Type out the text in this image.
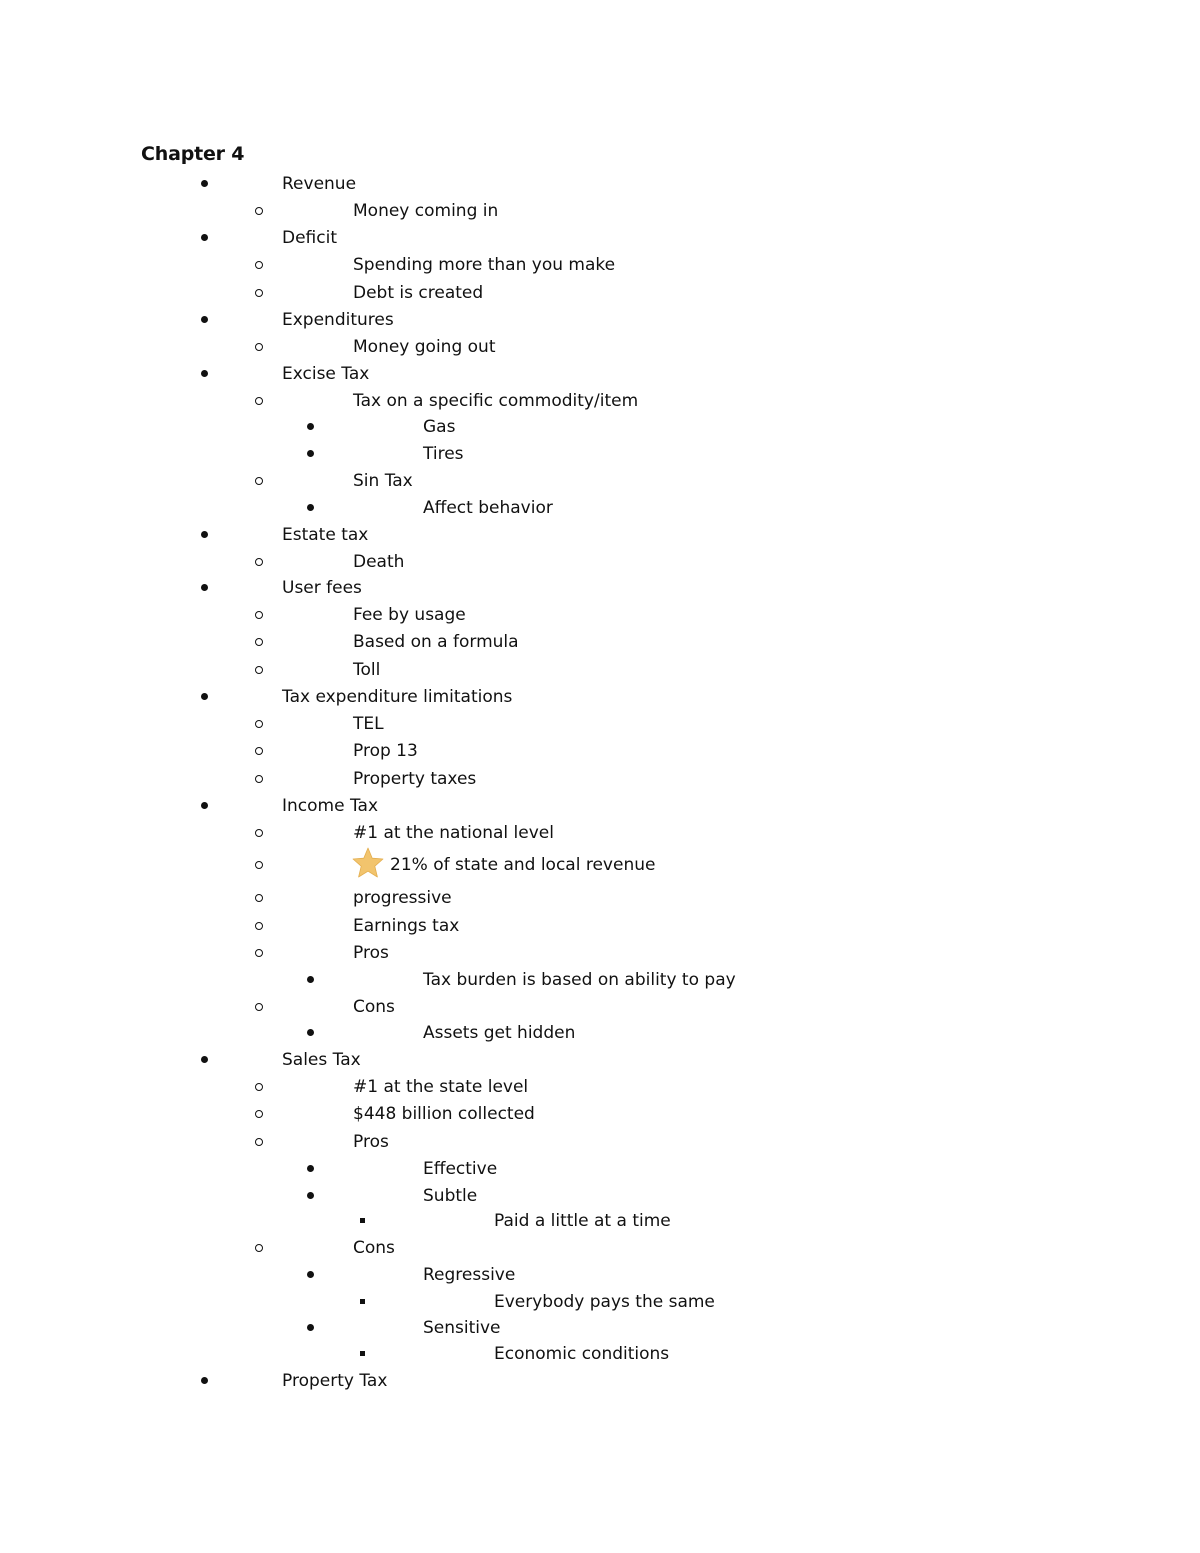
Chapter 4
Revenue
Money coming in
Deficit
Spending more than you make
Debt is created
Expenditures
Money going out
Excise Tax
Tax on a specific commodity/item
Gas
Tires
Sin Tax
Affect behavior
Estate tax
Death
User fees
Fee by usage
Based on a formula
Toll
Tax expenditure limitations
TEL
Prop 13
Property taxes
Income Tax
#1 at the national level
21% of state and local revenue
progressive
Earnings tax
Pros
Tax burden is based on ability to pay
Cons
Assets get hidden
Sales Tax
#1 at the state level
$448 billion collected
Pros
Effective
Subtle
Paid a little at a time
Cons
Regressive
Everybody pays the same
Sensitive
Economic conditions
Property Tax
